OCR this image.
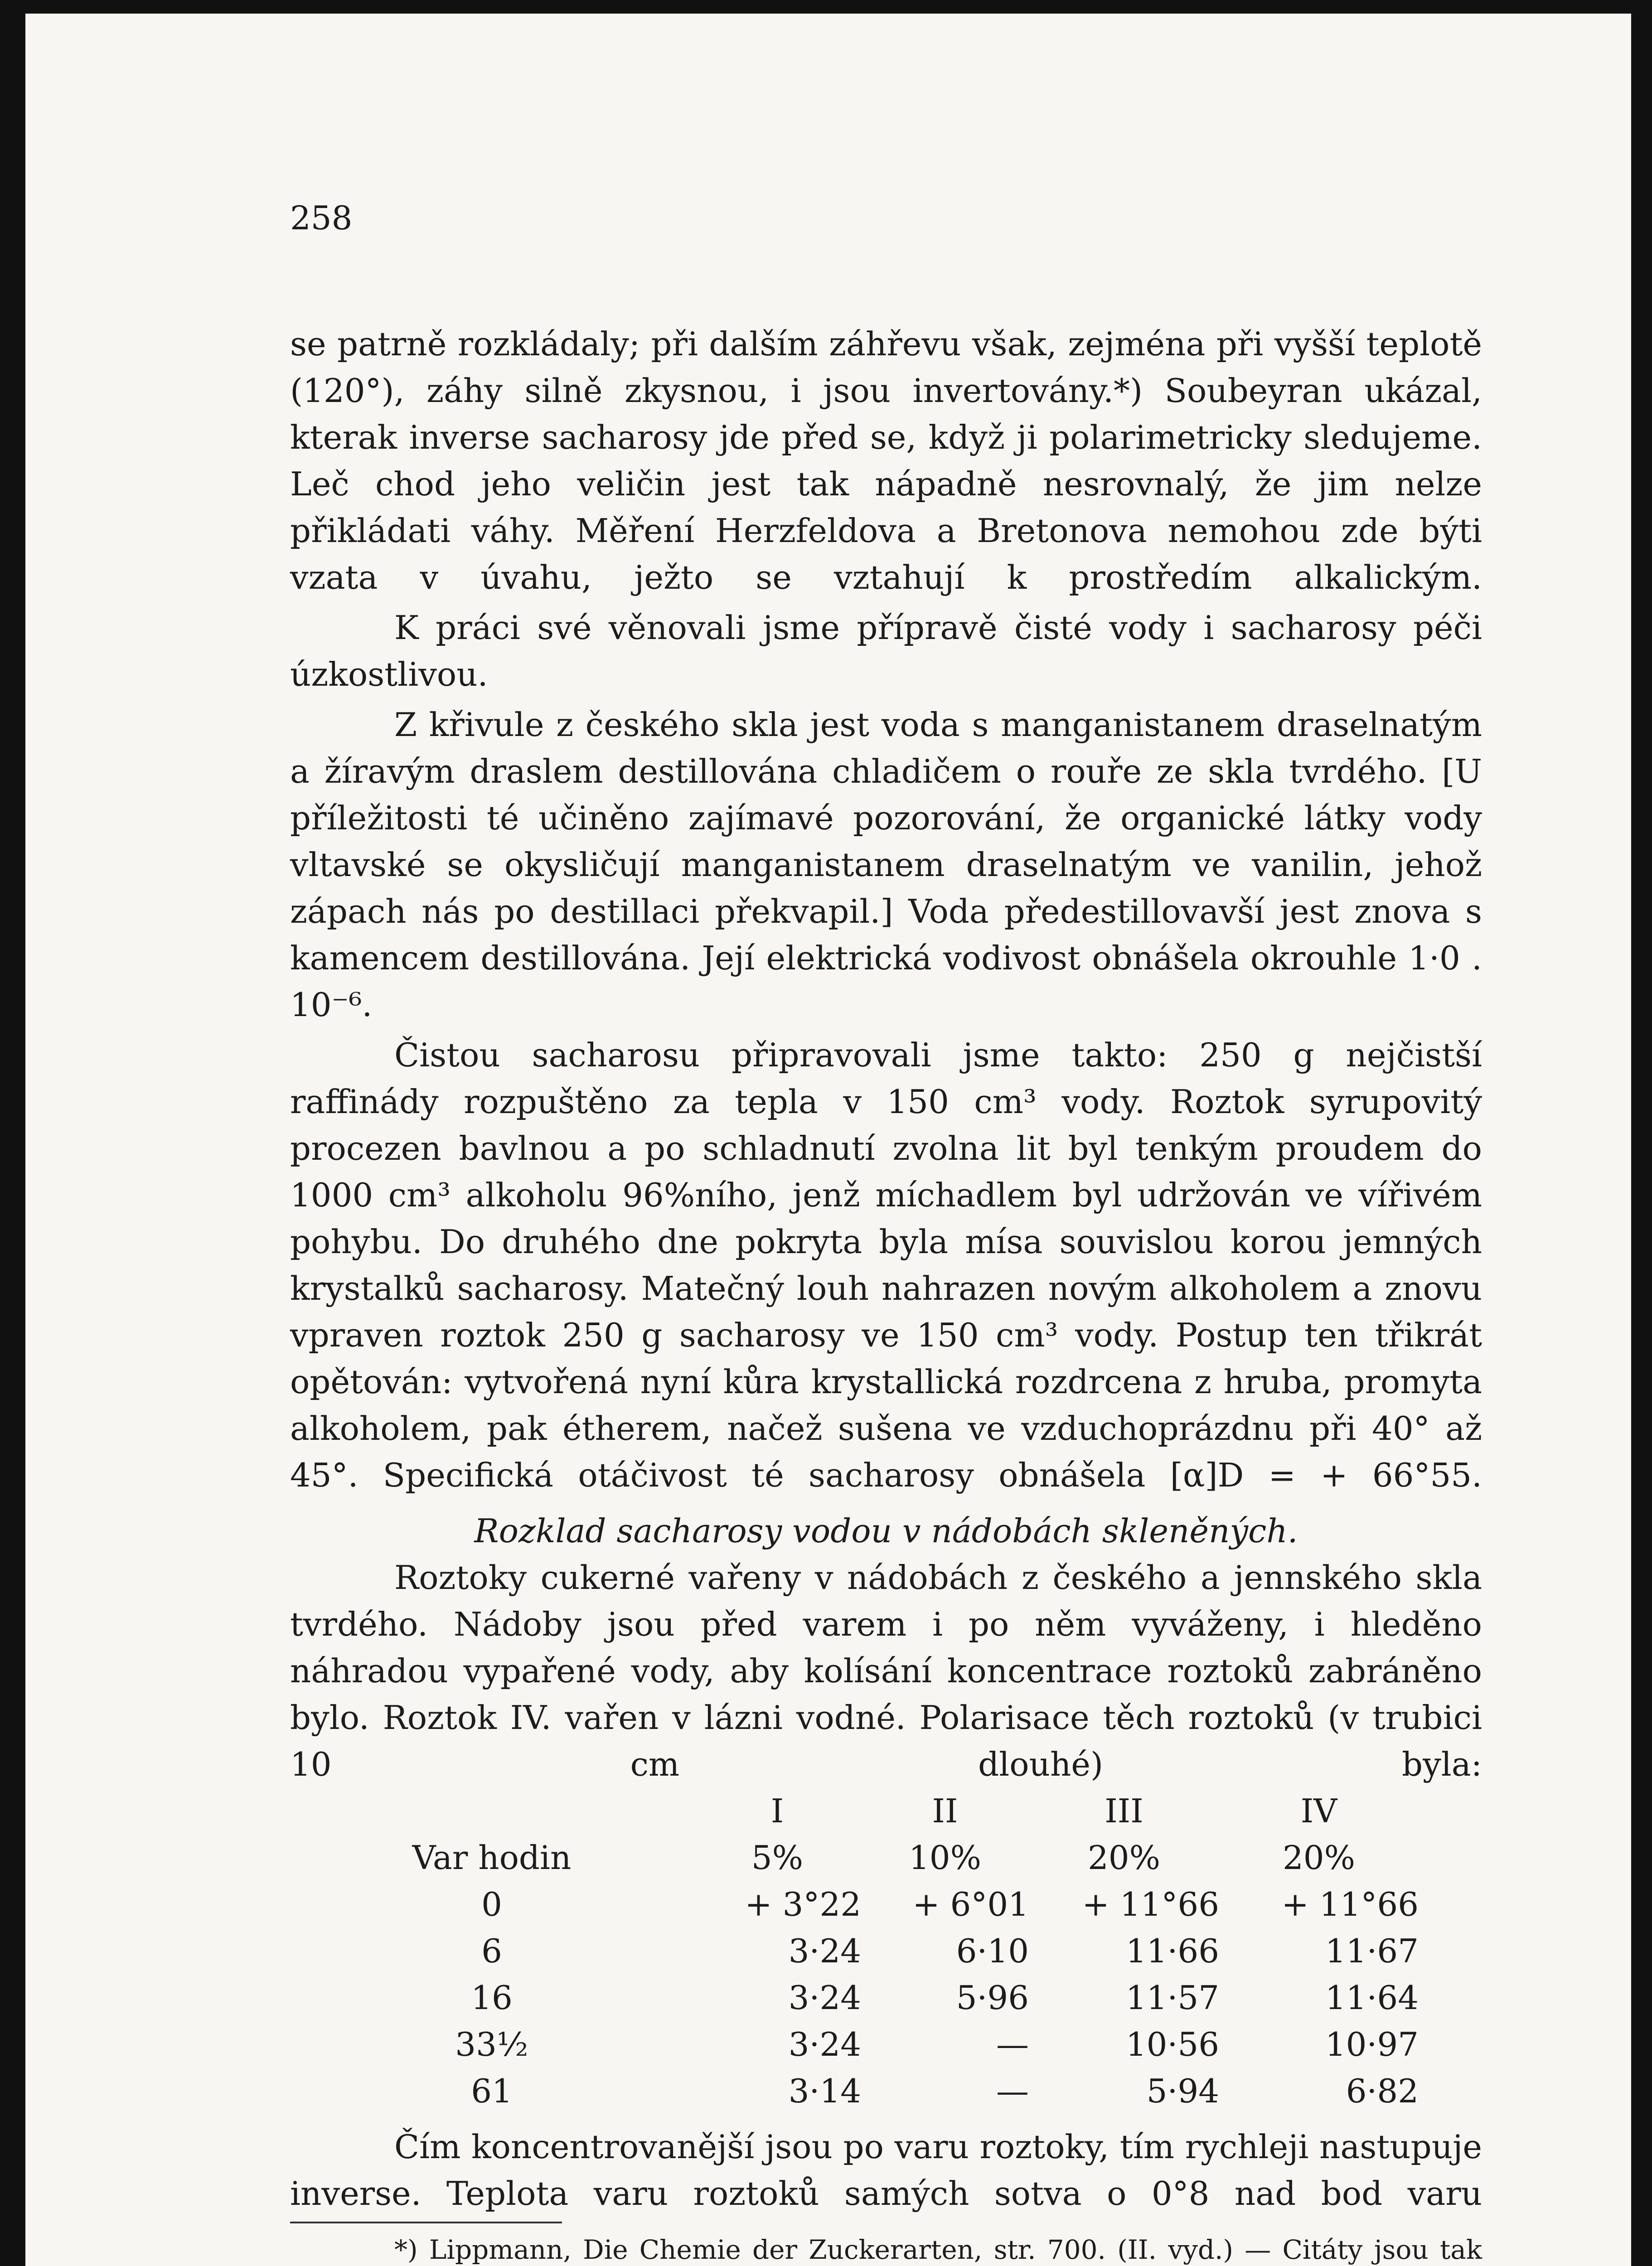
258

se patrně rozkládaly; při dalším záhřevu však, zejména při vyšší teplotě (120°), záhy silně zkysnou, i jsou invertovány.*) Soubeyran ukázal, kterak inverse sacharosy jde před se, když ji polarimetricky sledujeme. Leč chod jeho veličin jest tak nápadně nesrovnalý, že jim nelze přikládati váhy. Měření Herzfeldova a Bretonova nemohou zde býti vzata v úvahu, ježto se vztahují k prostředím alkalickým.

K práci své věnovali jsme přípravě čisté vody i sacharosy péči úzkostlivou.

Z křivule z českého skla jest voda s manganistanem draselnatým a žíravým draslem destillována chladičem o rouře ze skla tvrdého. [U příležitosti té učiněno zajímavé pozorování, že organické látky vody vltavské se okysličují manganistanem draselnatým ve vanilin, jehož zápach nás po destillaci překvapil.] Voda předestillovavší jest znova s kamencem destillována. Její elektrická vodivost obnášela okrouhle 1·0 . 10⁻⁶.

Čistou sacharosu připravovali jsme takto: 250 g nejčistší raffinády rozpuštěno za tepla v 150 cm³ vody. Roztok syrupovitý procezen bavlnou a po schladnutí zvolna lit byl tenkým proudem do 1000 cm³ alkoholu 96%ního, jenž míchadlem byl udržován ve vířivém pohybu. Do druhého dne pokryta byla mísa souvislou korou jemných krystalků sacharosy. Matečný louh nahrazen novým alkoholem a znovu vpraven roztok 250 g sacharosy ve 150 cm³ vody. Postup ten třikrát opětován: vytvořená nyní kůra krystallická rozdrcena z hruba, promyta alkoholem, pak étherem, načež sušena ve vzduchoprázdnu při 40° až 45°. Specifická otáčivost té sacharosy obnášela [α]D = + 66°55.

Rozklad sacharosy vodou v nádobách skleněných.

Roztoky cukerné vařeny v nádobách z českého a jennského skla tvrdého. Nádoby jsou před varem i po něm vyváženy, i hleděno náhradou vypařené vody, aby kolísání koncentrace roztoků zabráněno bylo. Roztok IV. vařen v lázni vodné. Polarisace těch roztoků (v trubici 10 cm dlouhé) byla:

	I	II	III	IV
Var hodin	5%	10%	20%	20%
0	+ 3°22	+ 6°01	+ 11°66	+ 11°66
6	3·24	6·10	11·66	11·67
16	3·24	5·96	11·57	11·64
33½	3·24	—	10·56	10·97
61	3·14	—	5·94	6·82

Čím koncentrovanější jsou po varu roztoky, tím rychleji nastupuje inverse. Teplota varu roztoků samých sotva o 0°8 nad bod varu

*) Lippmann, Die Chemie der Zuckerarten, str. 700. (II. vyd.) — Citáty jsou tak
